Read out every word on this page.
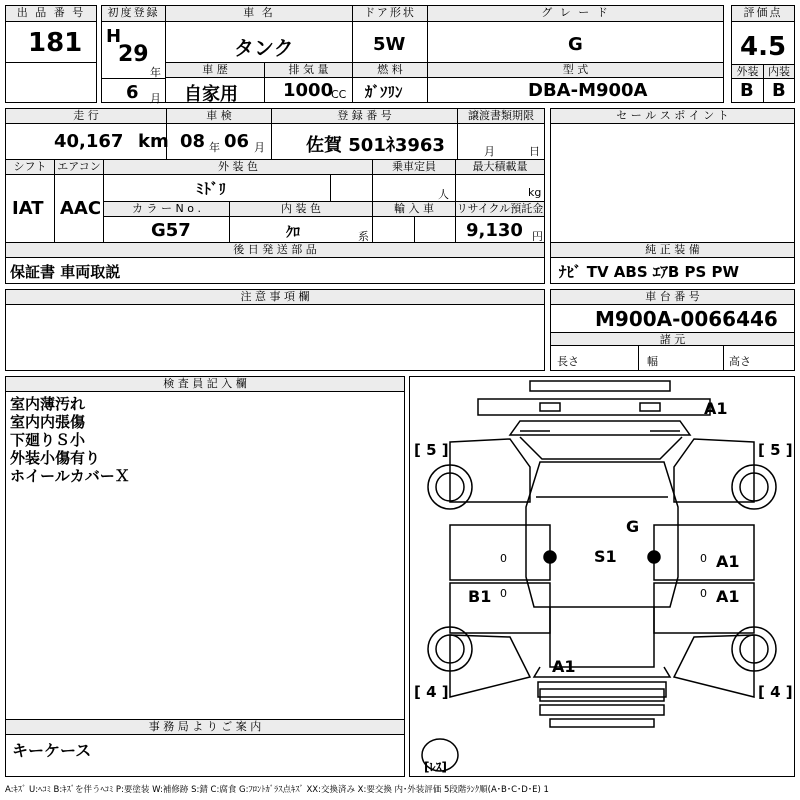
出 品 番 号
181
初度登録
H
29
年
6 月
車 名
タンク
ドア形状
5W
グ レ ー ド
G
評価点
4.5
外装 内装
B B
車 歴
自家用
排 気 量
1000
CC
燃 料
ｶﾞｿﾘﾝ
型 式
DBA-M900A
走 行
40,167 km
車 検
08 年 06 月
登 録 番 号
佐賀 501ﾈ3963
譲渡書類期限
月	日
セ ー ル ス ポ イ ン ト
シフト
IAT
エアコン
AAC
外 装 色
ﾐﾄﾞﾘ
乗車定員
人
最大積載量
kg
カ ラ ー N o .
G57
内 装 色
ｸﾛ	系
輸 入 車	リサイクル預託金
9,130 円
後 日 発 送 部 品
保証書 車両取説
純 正 装 備
ﾅﾋﾞ TV ABS ｴｱB PS PW
注 意 事 項 欄	車 台 番 号
M900A-0066446
諸 元
長さ	幅	高さ
検 査 員 記 入 欄
室内薄汚れ
室内内張傷
下廻りＳ小
外装小傷有り
ホイールカバーＸ
事 務 局 よ り ご 案 内
キーケース
[ 5 ]	[ 5 ]
[ 4 ]	[ 4 ]
[ﾚｽ]
A1
G
S1	A1
A1
B1
A1
0
0
0
0
A:ｷｽﾞ U:ﾍｺﾐ B:ｷｽﾞを伴うﾍｺﾐ P:要塗装 W:補修跡 S:錆 C:腐食 G:ﾌﾛﾝﾄｶﾞﾗｽ点ｷｽﾞ XX:交換済み X:要交換 内･外装評価 5段階ﾗﾝｸ順(A･B･C･D･E) 1
